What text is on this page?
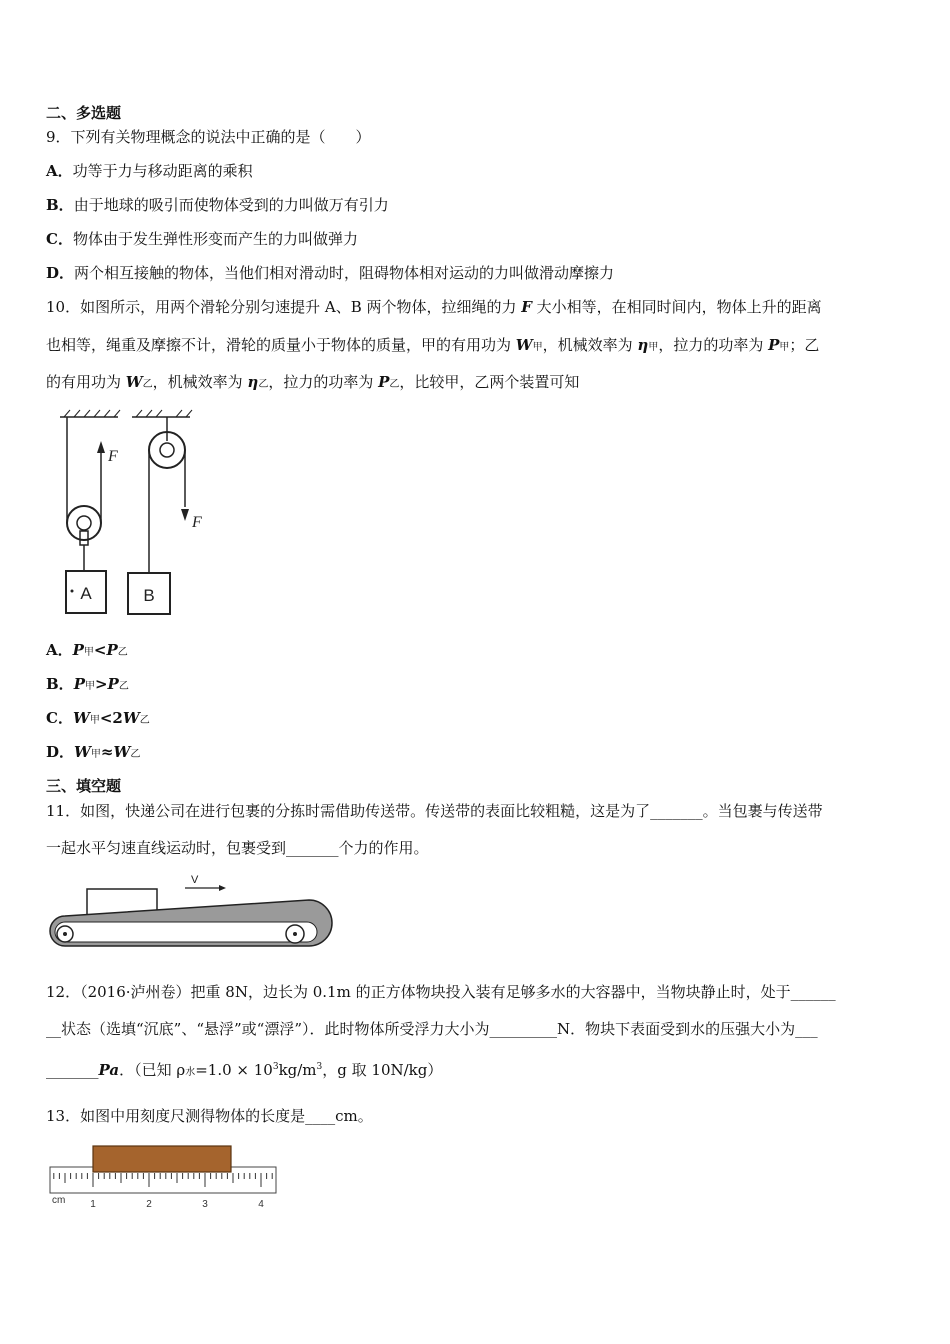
二、多选题
9．下列有关物理概念的说法中正确的是（　　）
A．功等于力与移动距离的乘积
B．由于地球的吸引而使物体受到的力叫做万有引力
C．物体由于发生弹性形变而产生的力叫做弹力
D．两个相互接触的物体，当他们相对滑动时，阻碍物体相对运动的力叫做滑动摩擦力
10．如图所示，用两个滑轮分别匀速提升 A、B 两个物体，拉细绳的力 F 大小相等，在相同时间内，物体上升的距离
也相等，绳重及摩擦不计，滑轮的质量小于物体的质量，甲的有用功为 W甲，机械效率为 η甲，拉力的功率为 P甲；乙
的有用功为 W乙，机械效率为 η乙，拉力的功率为 P乙，比较甲，乙两个装置可知
A	B
F
F
A．P甲<P乙
B．P甲>P乙
C．W甲<2W乙
D．W甲≈W乙
三、填空题
11．如图，快递公司在进行包裹的分拣时需借助传送带。传送带的表面比较粗糙，这是为了_______。当包裹与传送带
一起水平匀速直线运动时，包裹受到_______个力的作用。
V
12．（2016·泸州卷）把重 8N，边长为 0.1m 的正方体物块投入装有足够多水的大容器中，当物块静止时，处于______
__状态（选填“沉底”、“悬浮”或“漂浮”）．此时物体所受浮力大小为_________N．物块下表面受到水的压强大小为___
_______Pa．（已知 ρ水$=1.0 \times 10^3kg/m^3$，g 取 10N/kg）
13．如图中用刻度尺测得物体的长度是____cm。
cm 1	2	3	4
